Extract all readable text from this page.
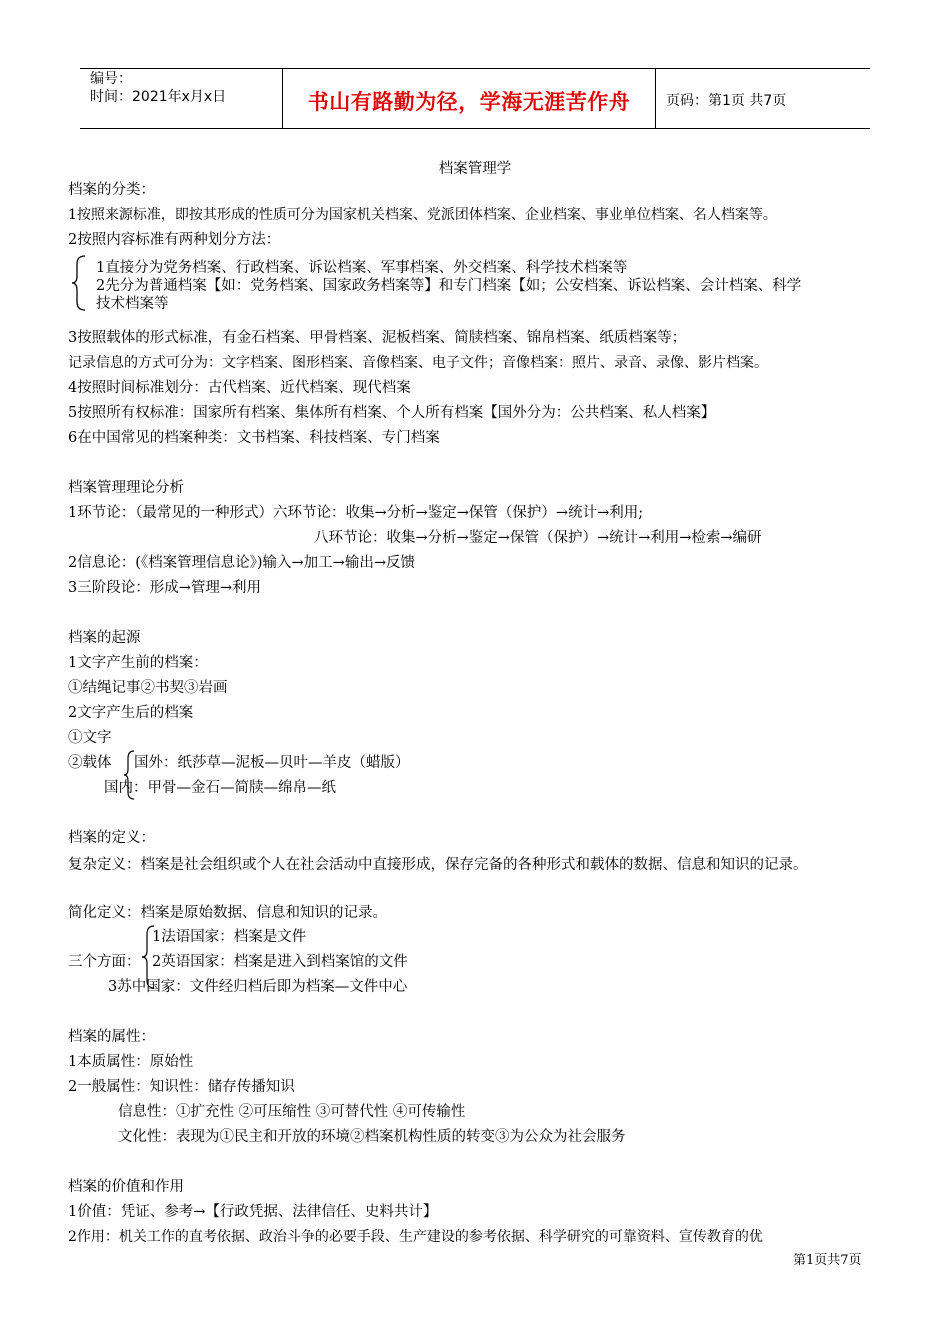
编号：
时间：2021年x月x日	书山有路勤为径，学海无涯苦作舟	页码：第1页 共7页
档案管理学
档案的分类：
1按照来源标准，即按其形成的性质可分为国家机关档案、党派团体档案、企业档案、事业单位档案、名人档案等。
2按照内容标准有两种划分方法：
1直接分为党务档案、行政档案、诉讼档案、军事档案、外交档案、科学技术档案等
2先分为普通档案【如：党务档案、国家政务档案等】和专门档案【如；公安档案、诉讼档案、会计档案、科学
技术档案等
3按照载体的形式标准，有金石档案、甲骨档案、泥板档案、简牍档案、锦帛档案、纸质档案等；
记录信息的方式可分为：文字档案、图形档案、音像档案、电子文件；音像档案：照片、录音、录像、影片档案。
4按照时间标准划分：古代档案、近代档案、现代档案
5按照所有权标准：国家所有档案、集体所有档案、个人所有档案【国外分为：公共档案、私人档案】
6在中国常见的档案种类：文书档案、科技档案、专门档案
档案管理理论分析
1环节论：（最常见的一种形式）六环节论：收集→分析→鉴定→保管（保护）→统计→利用;
八环节论：收集→分析→鉴定→保管（保护）→统计→利用→检索→编研
2信息论：(《档案管理信息论》)输入→加工→输出→反馈
3三阶段论：形成→管理→利用
档案的起源
1文字产生前的档案：
①结绳记事②书契③岩画
2文字产生后的档案
①文字
②载体 国外：纸莎草—泥板—贝叶—羊皮（蜡版）
国内：甲骨—金石—简牍—绵帛—纸
档案的定义：
复杂定义：档案是社会组织或个人在社会活动中直接形成，保存完备的各种形式和载体的数据、信息和知识的记录。
简化定义：档案是原始数据、信息和知识的记录。
1法语国家：档案是文件
三个方面： 2英语国家：档案是进入到档案馆的文件
3苏中国家：文件经归档后即为档案—文件中心
档案的属性：
1本质属性：原始性
2一般属性：知识性：储存传播知识
信息性：①扩充性 ②可压缩性 ③可替代性 ④可传输性
文化性：表现为①民主和开放的环境②档案机构性质的转变③为公众为社会服务
档案的价值和作用
1价值：凭证、参考→【行政凭据、法律信任、史料共计】
2作用：机关工作的直考依据、政治斗争的必要手段、生产建设的参考依据、科学研究的可靠资料、宣传教育的优
第1页共7页
